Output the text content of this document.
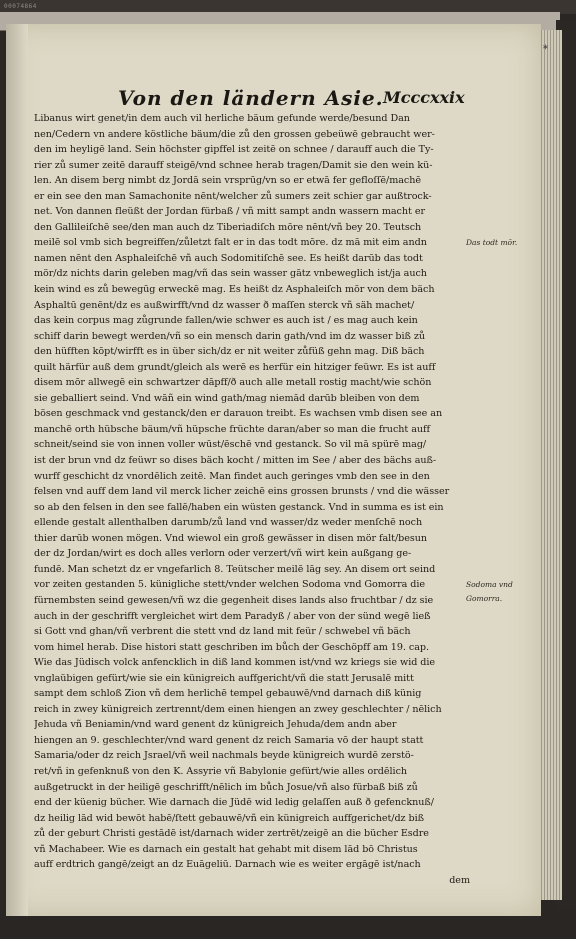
00074864
*
Von den ländern Asie. Mcccxxix
Libanus wirt genet/in dem auch vil herliche bäum gefunde werde/besund Dan
nen/Cedern vn andere köstliche bäum/die zů den grossen gebeüwē gebraucht wer-
den im heyligē land. Sein höchster gipffel ist zeitē on schnee / darauff auch die Ty-
rier zů sumer zeitē darauff steigē/vnd schnee herab tragen/Damit sie den wein kü-
len. An disem berg nimbt dz Jordā sein vrsprūg/vn so er etwā fer gefloſſē/machē
er ein see den man Samachonite nēnt/welcher zů sumers zeit schier gar außtrock-
net. Von dannen fleüßt der Jordan fürbaß / vñ mitt sampt andn wassern macht er
den Gallileiſchē see/den man auch dz Tiberiadiſch mōre nēnt/vñ bey 20. Teutsch
meilē sol vmb sich begreiffen/zůletzt falt er in das todt mōre. dz mā mit eim andn
namen nēnt den Asphaleiſchē vñ auch Sodomitiſchē see. Es heißt darūb das todt
mör/dz nichts darin geleben mag/vñ das sein wasser gātz vnbewеglich ist/ja auch
kein wind es zů bewegūg erweckē mag. Es heißt dz Asphaleiſch mōr von dem bäch
Asphaltū genēnt/dz es außwirfft/vnd dz wasser ð maſſen sterck vñ säh machet/
das kein corpus mag zůgrunde fallen/wie schwer es auch ist / es mag auch kein
schiff darin bewegt werden/vñ so ein mensch darin gath/vnd im dz wasser biß zů
den hüfften kōpt/wirfft es in über sich/dz er nit weiter zůfüß gehn mag. Diß bäch
quilt härfür auß dem grundt/gleich als werē es herfür ein hitziger feüwr. Es ist auff
disem mōr allwegē ein schwartzer dāpff/ð auch alle metall rostig macht/wie schön
sie geballiert seind. Vnd wāñ ein wind gath/mag niemād darūb bleiben von dem
bösen geschmack vnd gestanck/den er darauon treibt. Es wachsen vmb disen see an
manchē orth hübsche bäum/vñ hüpsche früchte daran/aber so man die frucht auff
schneit/seind sie von innen voller wūst/ēschē vnd gestanck. So vil mā spürē mag/
ist der brun vnd dz feüwr so dises bäch kocht / mitten im See / aber des bächs auß-
wurff geschicht dz vnordēlich zeitē. Man findet auch geringes vmb den see in den
felsen vnd auff dem land vil merck licher zeichē eins grossen brunsts / vnd die wässer
so ab den felsen in den see fallē/haben ein wüsten gestanck. Vnd in summa es ist ein
ellende gestalt allenthalben darumb/zů land vnd wasser/dz weder menſchē noch
thier darūb wonen mögen. Vnd wiewol ein groß gewässer in disen mör falt/besun
der dz Jordan/wirt es doch alles verlorn oder verzert/vñ wirt kein außgang ge-
fundē. Man schetzt dz er vngefarlich 8. Teütscher meilē lāg sey. An disem ort seind
vor zeiten gestanden 5. künigliche stett/vnder welchen Sodoma vnd Gomorra die
fürnembsten seind gewesen/vñ wz die gegenheit dises lands also fruchtbar / dz sie
auch in der geschrifft vergleichet wirt dem Paradyß / aber von der sünd wegē ließ
si Gott vnd ghan/vñ verbrent die stett vnd dz land mit feür / schwebel vñ bäch
vom himel herab. Dise histori statt geschriben im bůch der Geschöpff am 19. cap.
Wie das Jüdisch volck anfencklich in diß land kommen ist/vnd wz kriegs sie wid die
vnglaübigen gefürt/wie sie ein künigreich auffgericht/vñ die statt Jerusalē mitt
sampt dem schloß Zion vñ dem herlichē tempel gebauwē/vnd darnach diß künig
reich in zwey künigreich zertrennt/dem einen hiengen an zwey geschlechter / nēlich
Jehuda vñ Beniamin/vnd ward genent dz künigreich Jehuda/dem andn aber
hiengen an 9. geschlechter/vnd ward genent dz reich Samaria vō der haupt statt
Samaria/oder dz reich Jsrael/vñ weil nachmals beyde künigreich wurdē zerstö-
ret/vñ in gefenknuß von den K. Assyrie vñ Babylonie gefürt/wie alles ordēlich
außgetruckt in der heiligē geschrifft/nēlich im bůch Josue/vñ also fürbaß biß zů
end der küenig bücher. Wie darnach die Jüdē wid ledig gelaſſen auß ð gefencknuß/
dz heilig lād wid bewōt habē/ſtett gebauwē/vñ ein künigreich auffgerichet/dz biß
zů der geburt Christi gestādē ist/darnach wider zertrēt/zeigē an die bücher Esdre
vñ Machabeer. Wie es darnach ein gestalt hat gehabt mit disem lād bō Christus
auff erdtrich gangē/zeigt an dz Euāgeliū. Darnach wie es weiter ergāgē ist/nach
dem
Das todt mōr.
Sodoma vnd
Gomorra.
